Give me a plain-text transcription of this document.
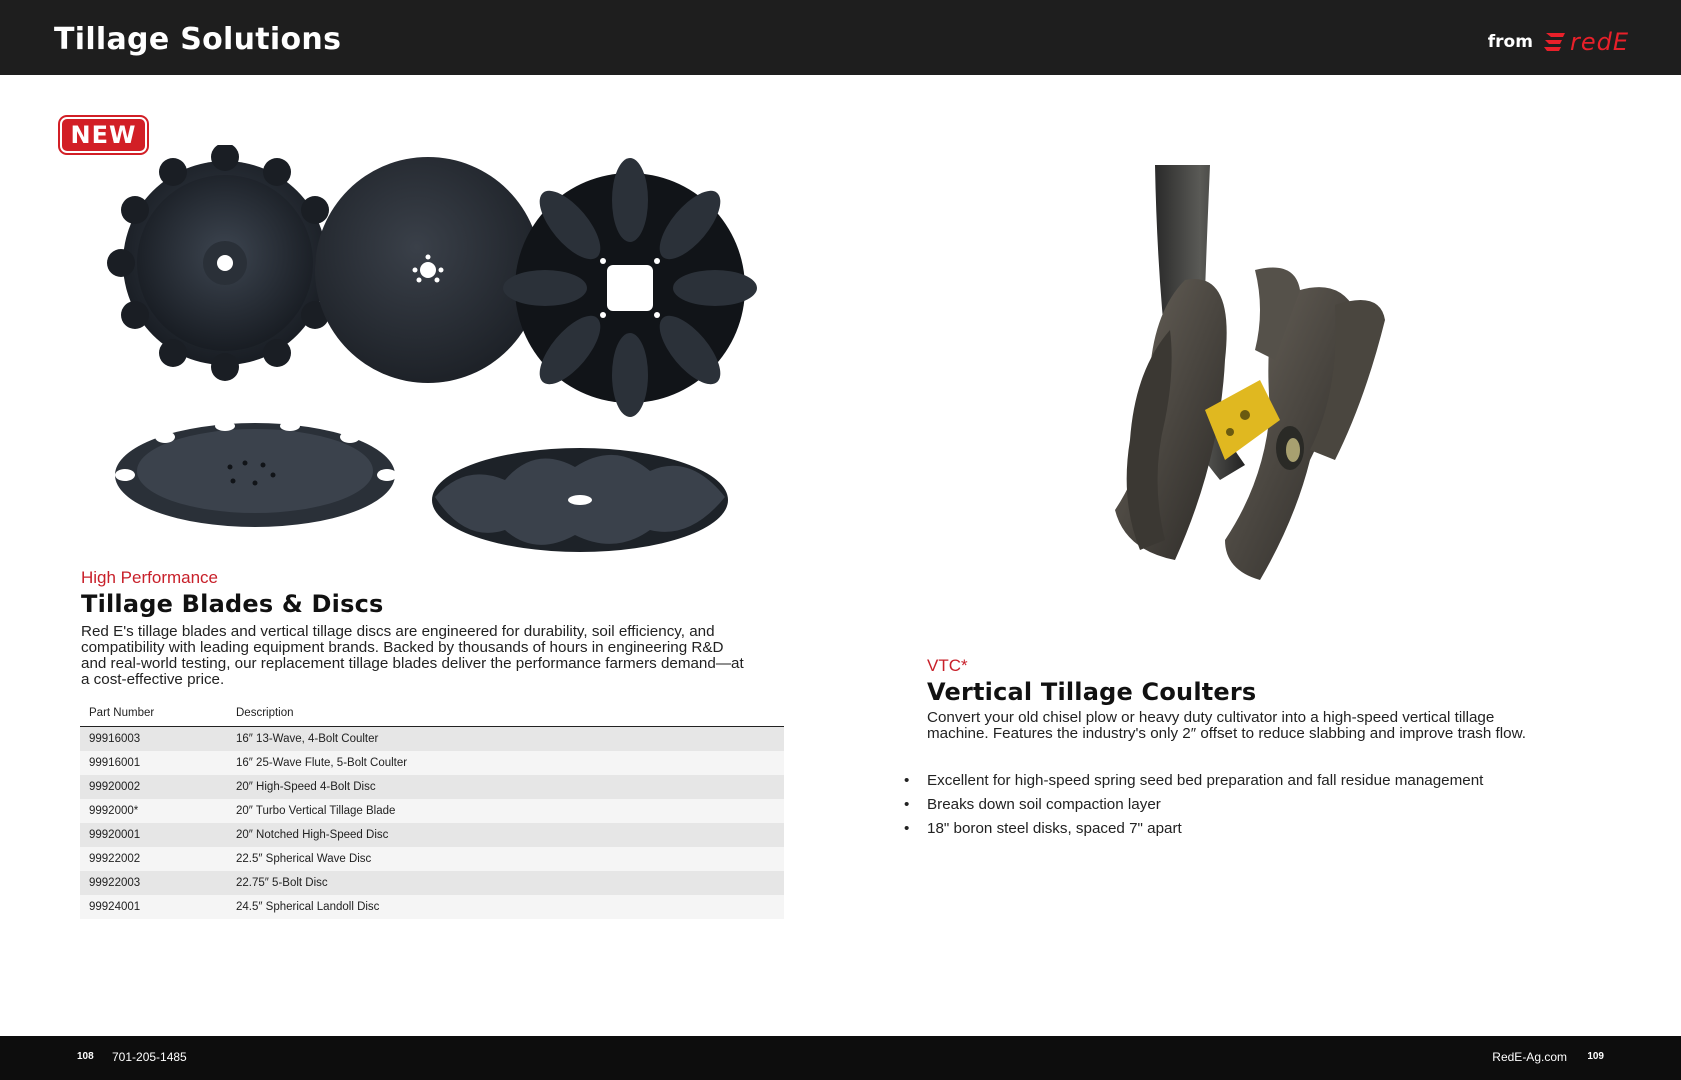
Tillage Solutions	from redE
NEW
High Performance
Tillage Blades & Discs
Red E's tillage blades and vertical tillage discs are engineered for durability, soil efficiency, and
compatibility with leading equipment brands. Backed by thousands of hours in engineering R&D
and real-world testing, our replacement tillage blades deliver the performance farmers demand—at
a cost-effective price.
Part Number	Description
99916003	16″ 13-Wave, 4-Bolt Coulter
99916001	16″ 25-Wave Flute, 5-Bolt Coulter
99920002	20″ High-Speed 4-Bolt Disc
9992000*	20″ Turbo Vertical Tillage Blade
99920001	20″ Notched High-Speed Disc
99922002	22.5″ Spherical Wave Disc
99922003	22.75″ 5-Bolt Disc
99924001	24.5″ Spherical Landoll Disc
VTC*
Vertical Tillage Coulters
Convert your old chisel plow or heavy duty cultivator into a high-speed vertical tillage
machine. Features the industry's only 2″ offset to reduce slabbing and improve trash flow.
• Excellent for high-speed spring seed bed preparation and fall residue management
• Breaks down soil compaction layer
• 18" boron steel disks, spaced 7" apart
108 701-205-1485	RedE-Ag.com 109
